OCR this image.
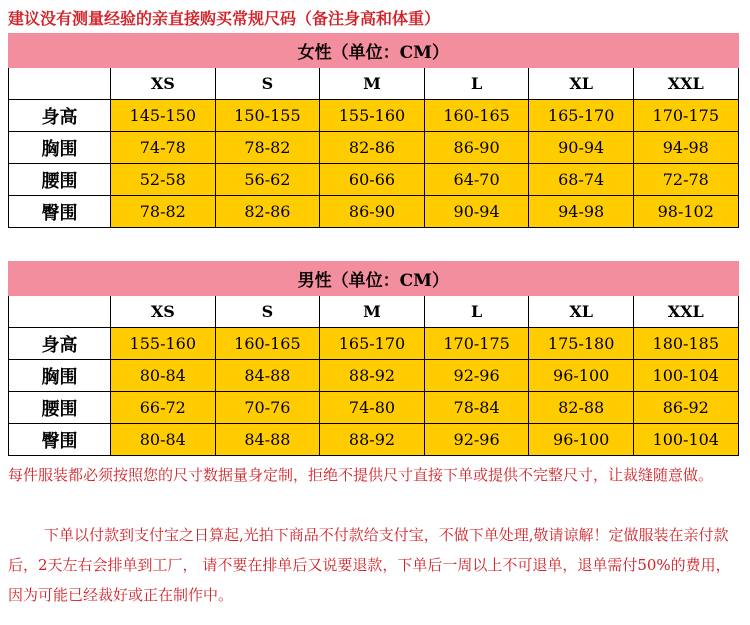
建议没有测量经验的亲直接购买常规尺码（备注身高和体重）
女性（单位：CM）						
	XS	S	M	L	XL	XXL
身高	145-150	150-155	155-160	160-165	165-170	170-175
胸围	74-78	78-82	82-86	86-90	90-94	94-98
腰围	52-58	56-62	60-66	64-70	68-74	72-78
臀围	78-82	82-86	86-90	90-94	94-98	98-102
男性（单位：CM）						
	XS	S	M	L	XL	XXL
身高	155-160	160-165	165-170	170-175	175-180	180-185
胸围	80-84	84-88	88-92	92-96	96-100	100-104
腰围	66-72	70-76	74-80	78-84	82-88	86-92
臀围	80-84	84-88	88-92	92-96	96-100	100-104

每件服装都必须按照您的尺寸数据量身定制，拒绝不提供尺寸直接下单或提供不完整尺寸，让裁缝随意做。

下单以付款到支付宝之日算起,光拍下商品不付款给支付宝，不做下单处理,敬请谅解！定做服装在亲付款后，2天左右会排单到工厂， 请不要在排单后又说要退款，下单后一周以上不可退单，退单需付50%的费用，因为可能已经裁好或正在制作中。
